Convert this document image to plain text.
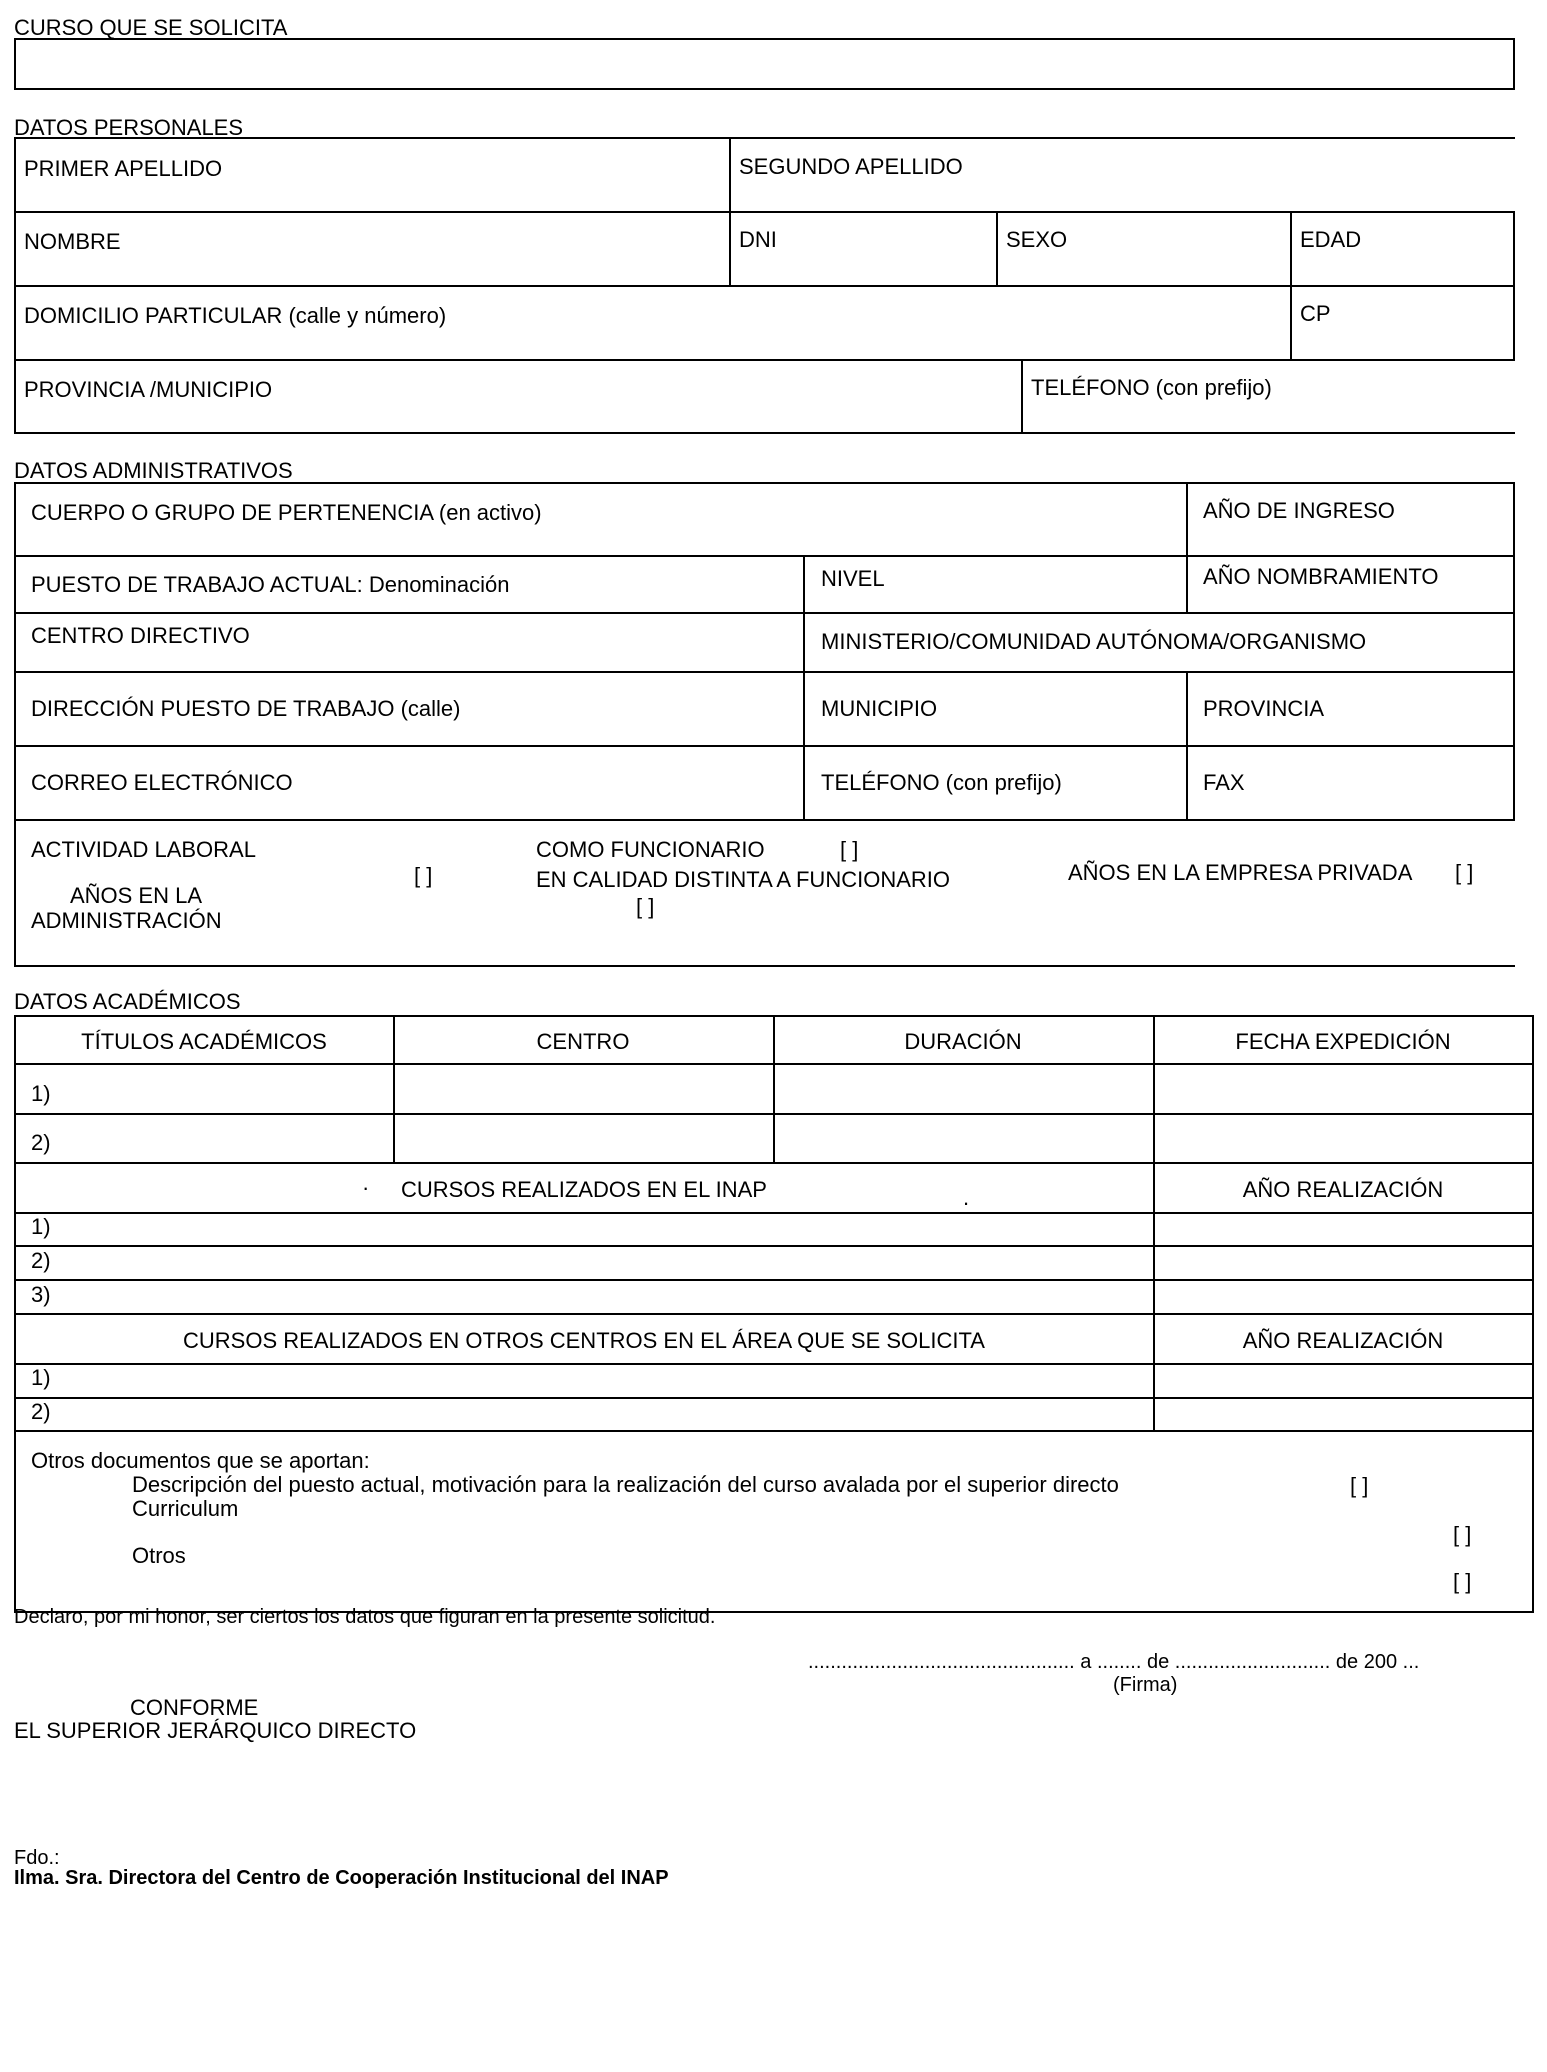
CURSO QUE SE SOLICITA
DATOS PERSONALES
PRIMER APELLIDO	SEGUNDO APELLIDO
NOMBRE	DNI	SEXO	EDAD
DOMICILIO PARTICULAR (calle y número)	CP
PROVINCIA /MUNICIPIO	TELÉFONO (con prefijo)
DATOS ADMINISTRATIVOS
CUERPO O GRUPO DE PERTENENCIA (en activo)	AÑO DE INGRESO
PUESTO DE TRABAJO ACTUAL: Denominación	NIVEL	AÑO NOMBRAMIENTO
CENTRO DIRECTIVO	MINISTERIO/COMUNIDAD AUTÓNOMA/ORGANISMO
DIRECCIÓN PUESTO DE TRABAJO (calle)	MUNICIPIO	PROVINCIA
CORREO ELECTRÓNICO	TELÉFONO (con prefijo)	FAX
ACTIVIDAD LABORAL
AÑOS EN LA
ADMINISTRACIÓN
[ ]
COMO FUNCIONARIO	[ ]
EN CALIDAD DISTINTA A FUNCIONARIO
[ ]
AÑOS EN LA EMPRESA PRIVADA [ ]
DATOS ACADÉMICOS
TÍTULOS ACADÉMICOS	CENTRO	DURACIÓN	FECHA EXPEDICIÓN
1)
2)
·	CURSOS REALIZADOS EN EL INAP	.	AÑO REALIZACIÓN
1)
2)
3)
CURSOS REALIZADOS EN OTROS CENTROS EN EL ÁREA QUE SE SOLICITA	AÑO REALIZACIÓN
1)
2)
Otros documentos que se aportan:
Descripción del puesto actual, motivación para la realización del curso avalada por el superior directo	[ ]
Curriculum
[ ]
Otros
[ ]
Declaro, por mi honor, ser ciertos los datos que figuran en la presente solicitud.
................................................ a ........ de ............................ de 200 ...
(Firma)
CONFORME
EL SUPERIOR JERÁRQUICO DIRECTO
Fdo.:
Ilma. Sra. Directora del Centro de Cooperación Institucional del INAP
